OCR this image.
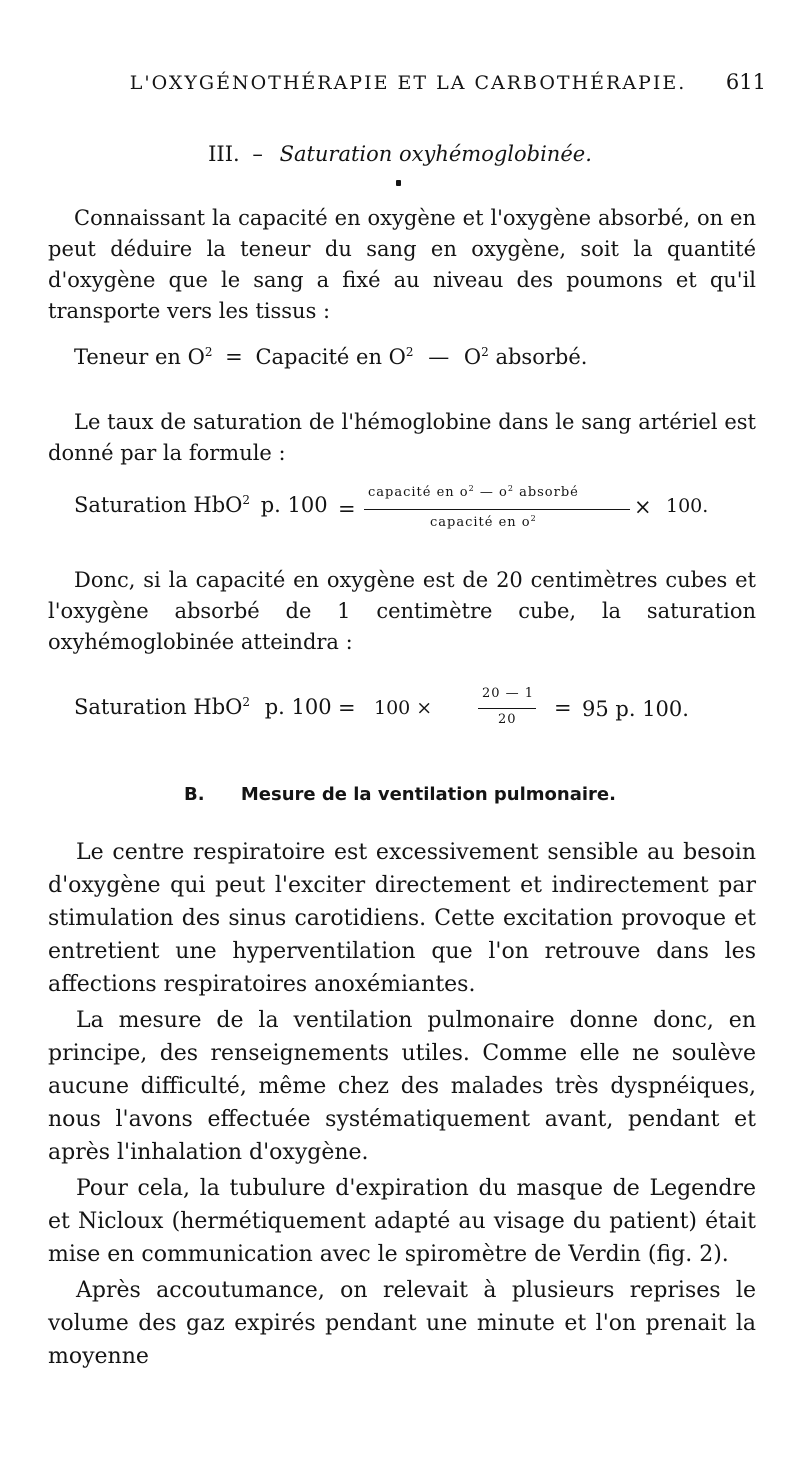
L'OXYGÉNOTHÉRAPIE ET LA CARBOTHÉRAPIE.	611
III. – Saturation oxyhémoglobinée.

Connaissant la capacité en oxygène et l'oxygène absorbé, on en peut déduire la teneur du sang en oxygène, soit la quantité d'oxygène que le sang a fixé au niveau des poumons et qu'il transporte vers les tissus :

Teneur en $O^2$ = Capacité en $O^2$ — $O^2$ absorbé.

Le taux de saturation de l'hémoglobine dans le sang artériel est donné par la formule :

Saturation HbO$^2$ p. 100 =
capacité en $o^2$ — $o^2$ absorbé
capacité en $o^2$	× 100.

Donc, si la capacité en oxygène est de 20 centimètres cubes et l'oxygène absorbé de 1 centimètre cube, la saturation oxyhémoglobinée atteindra :

Saturation HbO$^2$ p. 100 = 100 ×
20 — 1
20 = 95 p. 100.
B. Mesure de la ventilation pulmonaire.

Le centre respiratoire est excessivement sensible au besoin d'oxygène qui peut l'exciter directement et indirectement par stimulation des sinus carotidiens. Cette excitation provoque et entretient une hyperventilation que l'on retrouve dans les affections respiratoires anoxémiantes.

La mesure de la ventilation pulmonaire donne donc, en principe, des renseignements utiles. Comme elle ne soulève aucune difficulté, même chez des malades très dyspnéiques, nous l'avons effectuée systématiquement avant, pendant et après l'inhalation d'oxygène.

Pour cela, la tubulure d'expiration du masque de Legendre et Nicloux (hermétiquement adapté au visage du patient) était mise en communication avec le spiromètre de Verdin (fig. 2).

Après accoutumance, on relevait à plusieurs reprises le volume des gaz expirés pendant une minute et l'on prenait la moyenne
